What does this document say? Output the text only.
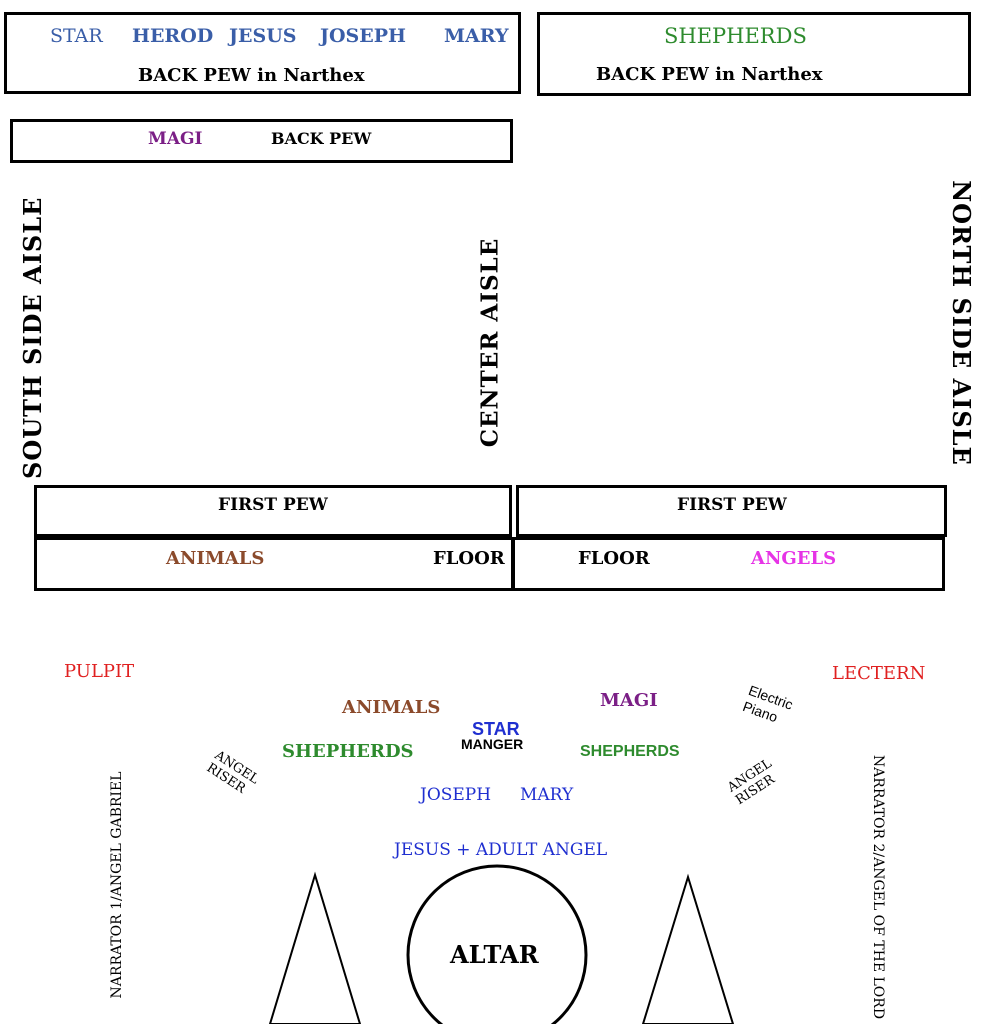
STAR HEROD JESUS JOSEPH MARY
BACK PEW in Narthex
SHEPHERDS
BACK PEW in Narthex
MAGI	BACK PEW
SOUTH SIDE AISLE	CENTER AISLE	NORTH SIDE AISLE
FIRST PEW
ANIMALS	FLOOR
FIRST PEW
FLOOR	ANGELS
PULPIT	LECTERN
ANIMALS	MAGI	Electric Piano
STAR
MANGER
SHEPHERDS	SHEPHERDS
ANGEL RISER	ANGEL RISER
JOSEPH MARY
JESUS + ADULT ANGEL
NARRATOR 1/ANGEL GABRIEL	NARRATOR 2/ANGEL OF THE LORD
ALTAR
